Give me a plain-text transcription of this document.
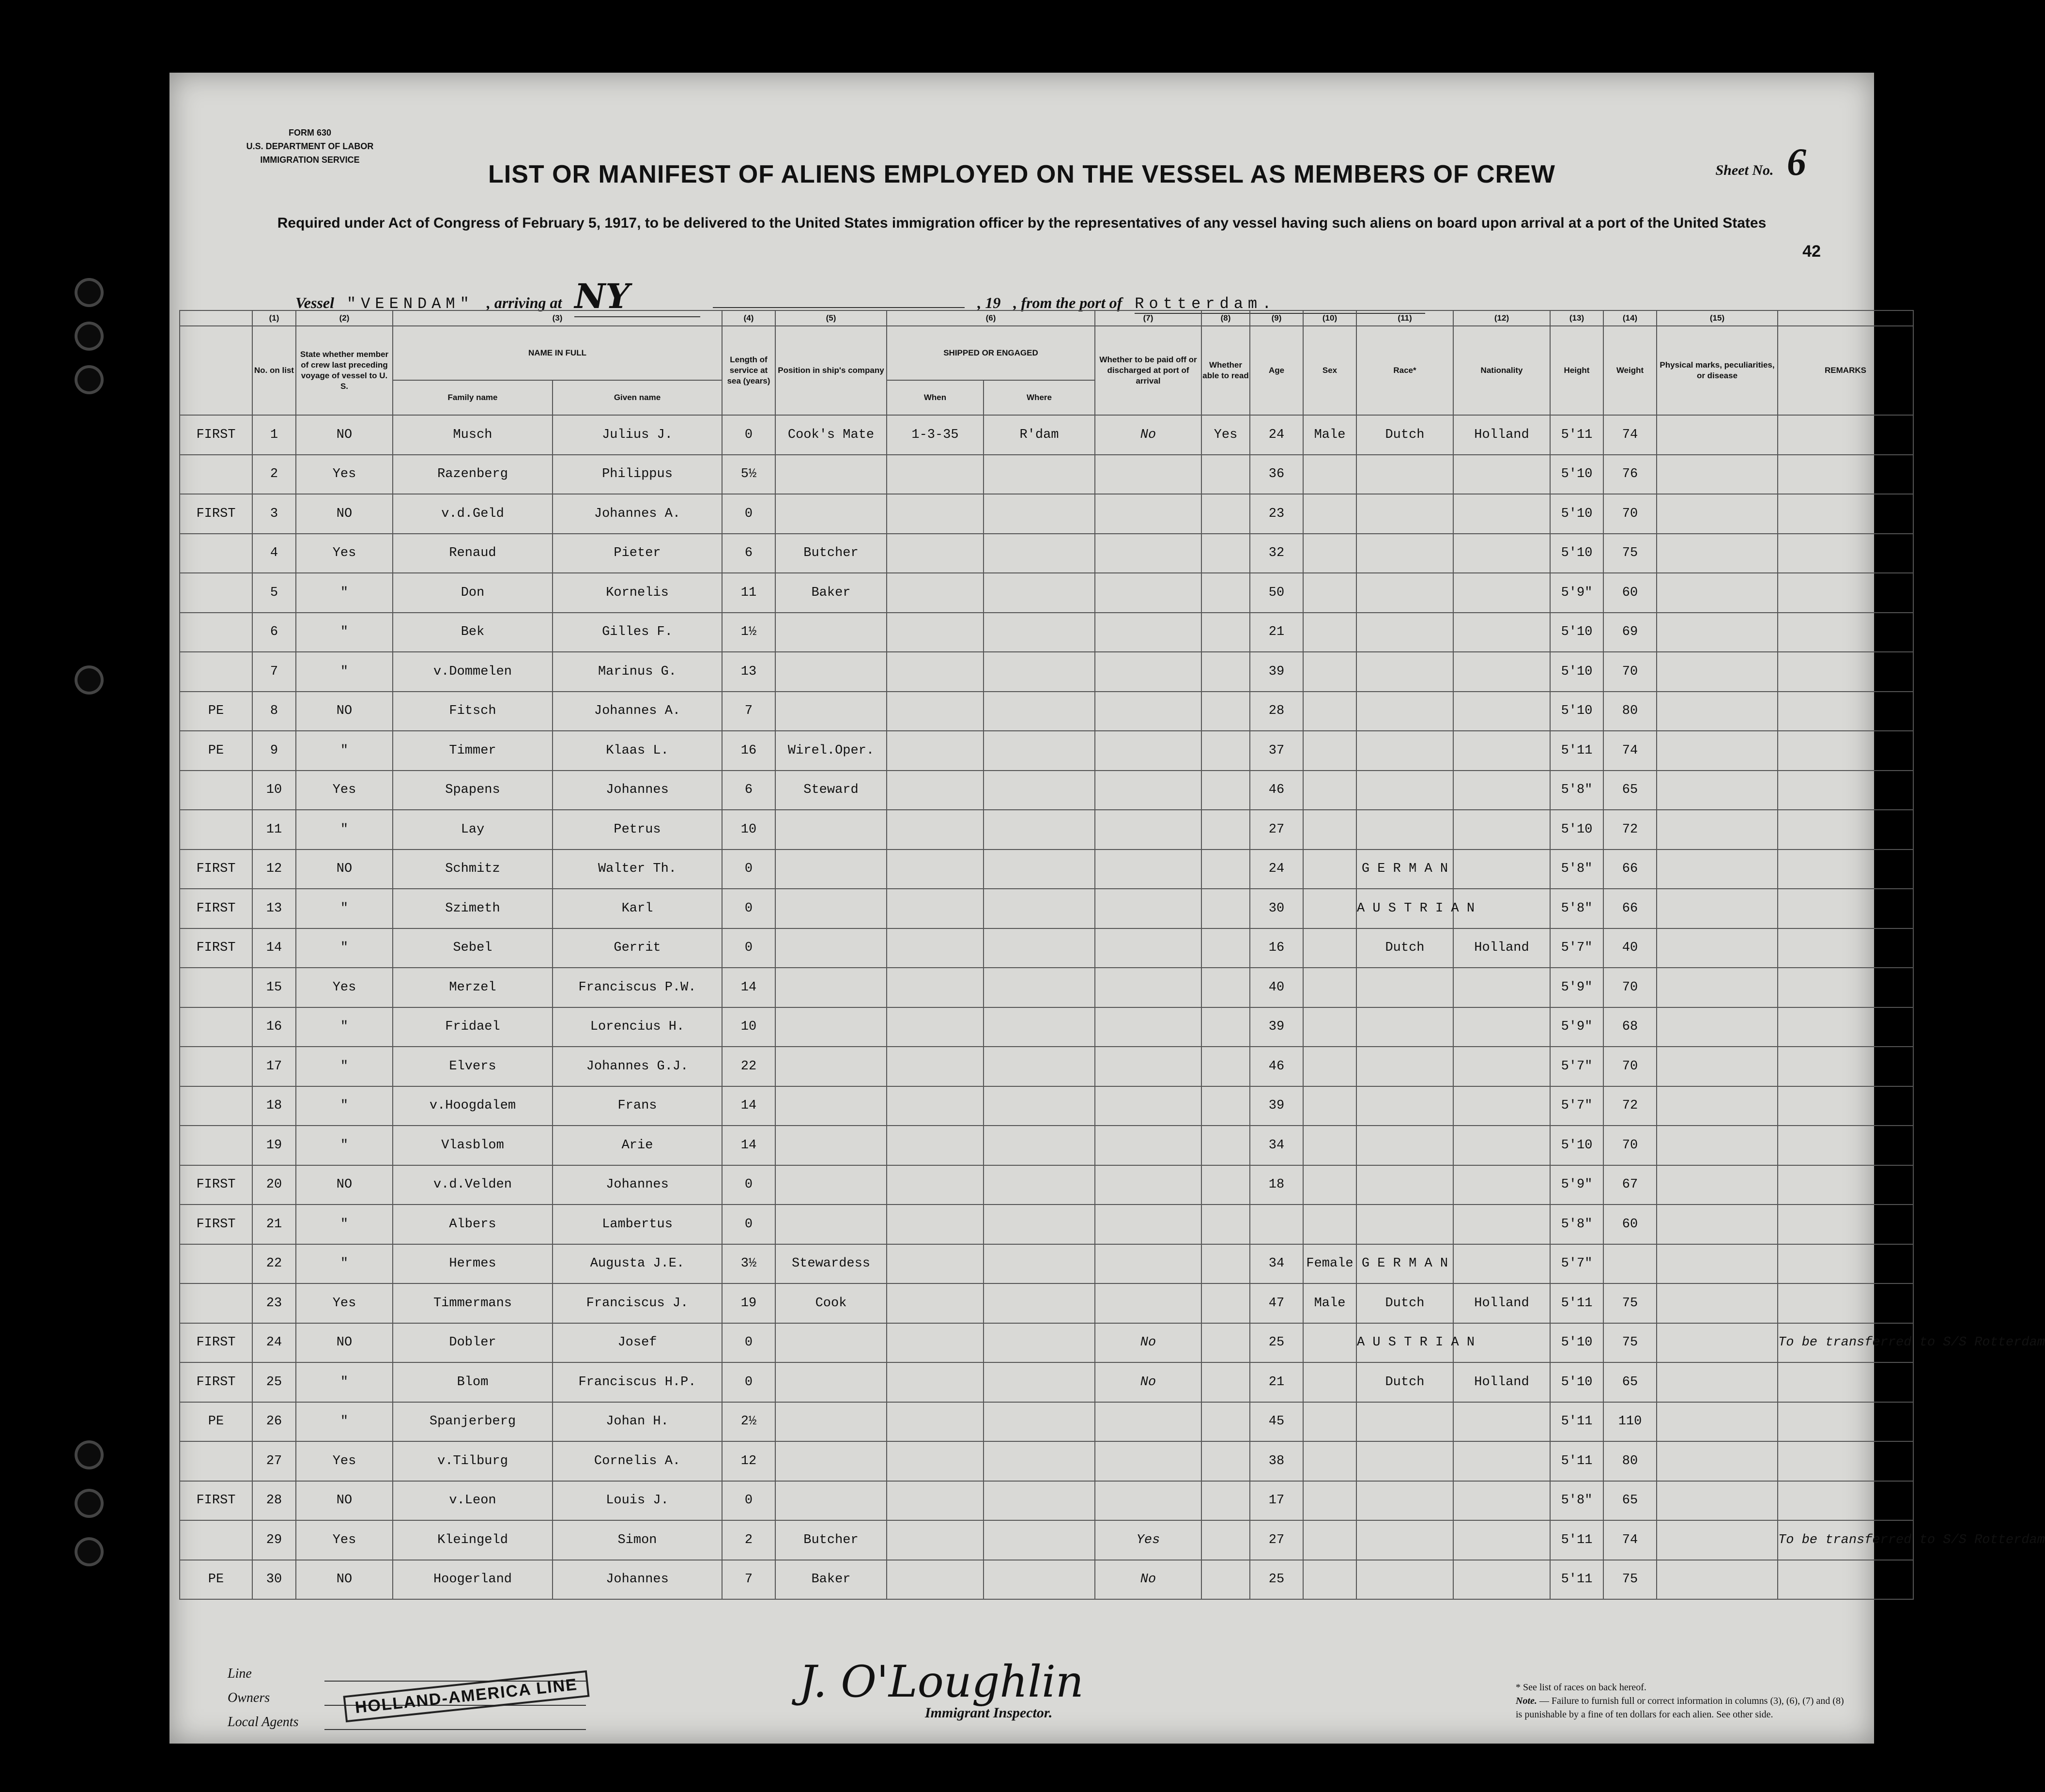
FORM 630
U.S. DEPARTMENT OF LABOR
IMMIGRATION SERVICE
Sheet No. 6
LIST OR MANIFEST OF ALIENS EMPLOYED ON THE VESSEL AS MEMBERS OF CREW
Required under Act of Congress of February 5, 1917, to be delivered to the United States immigration officer by the representatives of any vessel having such aliens on board upon arrival at a port of the United States
42
Vessel "VEENDAM" , arriving at NY	, 19 , from the port of Rotterdam.
	(1)	(2)	(3)		(4)	(5)	(6)		(7)	(8)	(9)	(10)	(11)	(12)	(13)	(14)	(15)	
	No. on list	State whether member of crew last preceding voyage of vessel to U. S.	NAME IN FULL		Length of service at sea (years)	Position in ship's company	SHIPPED OR ENGAGED		Whether to be paid off or discharged at port of arrival	Whether able to read	Age	Sex	Race*	Nationality	Height	Weight	Physical marks, peculiarities, or disease	REMARKS
			Family name	Given name			When	Where										
FIRST	1	NO	Musch	Julius J.	0	Cook's Mate	1-3-35	R'dam	No	Yes	24	Male	Dutch	Holland	5'11	74		
	2	Yes	Razenberg	Philippus	5½						36				5'10	76		
FIRST	3	NO	v.d.Geld	Johannes A.	0						23				5'10	70		
	4	Yes	Renaud	Pieter	6	Butcher					32				5'10	75		
	5	"	Don	Kornelis	11	Baker					50				5'9"	60		
	6	"	Bek	Gilles F.	1½						21				5'10	69		
	7	"	v.Dommelen	Marinus G.	13						39				5'10	70		
PE	8	NO	Fitsch	Johannes A.	7						28				5'10	80		
PE	9	"	Timmer	Klaas L.	16	Wirel.Oper.					37				5'11	74		
	10	Yes	Spapens	Johannes	6	Steward					46				5'8"	65		
	11	"	Lay	Petrus	10						27				5'10	72		
FIRST	12	NO	Schmitz	Walter Th.	0						24		G E R M A N		5'8"	66		
FIRST	13	"	Szimeth	Karl	0						30		A U S T R I A N		5'8"	66		
FIRST	14	"	Sebel	Gerrit	0						16		Dutch	Holland	5'7"	40		
	15	Yes	Merzel	Franciscus P.W.	14						40				5'9"	70		
	16	"	Fridael	Lorencius H.	10						39				5'9"	68		
	17	"	Elvers	Johannes G.J.	22						46				5'7"	70		
	18	"	v.Hoogdalem	Frans	14						39				5'7"	72		
	19	"	Vlasblom	Arie	14						34				5'10	70		
FIRST	20	NO	v.d.Velden	Johannes	0						18				5'9"	67		
FIRST	21	"	Albers	Lambertus	0										5'8"	60		
	22	"	Hermes	Augusta J.E.	3½	Stewardess					34	Female	G E R M A N		5'7"			
	23	Yes	Timmermans	Franciscus J.	19	Cook					47	Male	Dutch	Holland	5'11	75		
FIRST	24	NO	Dobler	Josef	0				No		25		A U S T R I A N		5'10	75		To be transferred to S/S Rotterdam
FIRST	25	"	Blom	Franciscus H.P.	0				No		21		Dutch	Holland	5'10	65		
PE	26	"	Spanjerberg	Johan H.	2½						45				5'11	110		
	27	Yes	v.Tilburg	Cornelis A.	12						38				5'11	80		
FIRST	28	NO	v.Leon	Louis J.	0						17				5'8"	65		
	29	Yes	Kleingeld	Simon	2	Butcher			Yes		27				5'11	74		To be transferred to S/S Rotterdam
PE	30	NO	Hoogerland	Johannes	7	Baker			No		25				5'11	75		
Line
Owners
Local Agents
HOLLAND-AMERICA LINE	J. O'Loughlin
Immigrant Inspector.
* See list of races on back hereof.
Note. — Failure to furnish full or correct information in columns (3), (6), (7) and (8) is punishable by a fine of ten dollars for each alien. See other side.
